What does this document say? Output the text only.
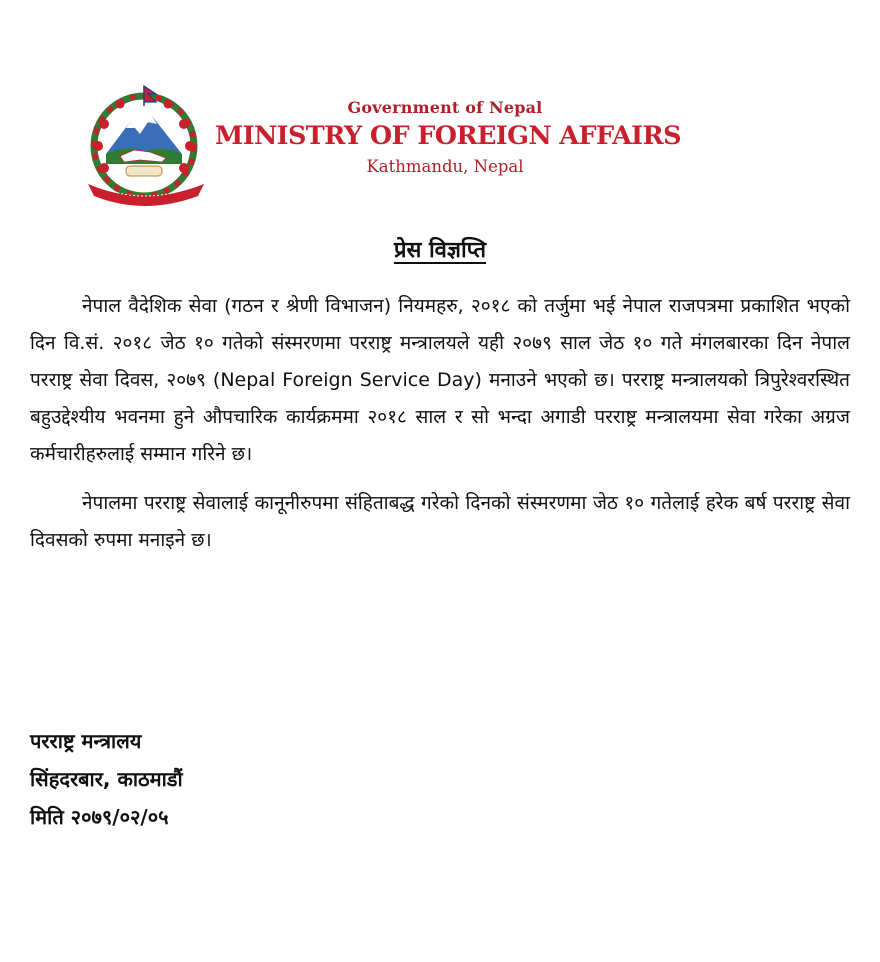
Government of Nepal
MINISTRY OF FOREIGN AFFAIRS
Kathmandu, Nepal
प्रेस विज्ञप्ति

नेपाल वैदेशिक सेवा (गठन र श्रेणी विभाजन) नियमहरु, २०१८ को तर्जुमा भई नेपाल राजपत्रमा प्रकाशित भएको दिन वि.सं. २०१८ जेठ १० गतेको संस्मरणमा परराष्ट्र मन्त्रालयले यही २०७९ साल जेठ १० गते मंगलबारका दिन नेपाल परराष्ट्र सेवा दिवस, २०७९ (Nepal Foreign Service Day) मनाउने भएको छ। परराष्ट्र मन्त्रालयको त्रिपुरेश्वरस्थित बहुउद्देश्यीय भवनमा हुने औपचारिक कार्यक्रममा २०१८ साल र सो भन्दा अगाडी परराष्ट्र मन्त्रालयमा सेवा गरेका अग्रज कर्मचारीहरुलाई सम्मान गरिने छ।

नेपालमा परराष्ट्र सेवालाई कानूनीरुपमा संहिताबद्ध गरेको दिनको संस्मरणमा जेठ १० गतेलाई हरेक बर्ष परराष्ट्र सेवा दिवसको रुपमा मनाइने छ।

परराष्ट्र मन्त्रालय
सिंहदरबार, काठमाडौं
मिति २०७९/०२/०५
